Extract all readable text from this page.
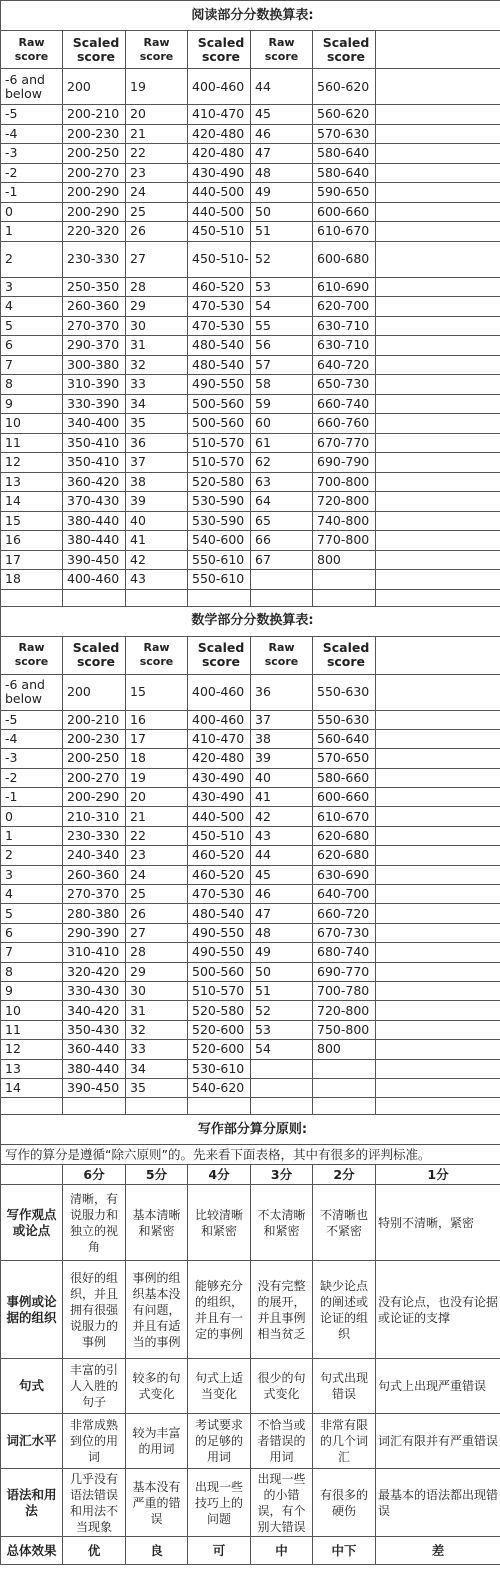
阅读部分分数换算表:						
Raw score	Scaled score	Raw score	Scaled score	Raw score	Scaled score	
-6 and below	200	19	400-460	44	560-620	
-5	200-210	20	410-470	45	560-620	
-4	200-230	21	420-480	46	570-630	
-3	200-250	22	420-480	47	580-640	
-2	200-270	23	430-490	48	580-640	
-1	200-290	24	440-500	49	590-650	
0	200-290	25	440-500	50	600-660	
1	220-320	26	450-510	51	610-670	
2	230-330	27	450-510-	52	600-680	
3	250-350	28	460-520	53	610-690	
4	260-360	29	470-530	54	620-700	
5	270-370	30	470-530	55	630-710	
6	290-370	31	480-540	56	630-710	
7	300-380	32	480-540	57	640-720	
8	310-390	33	490-550	58	650-730	
9	330-390	34	500-560	59	660-740	
10	340-400	35	500-560	60	660-760	
11	350-410	36	510-570	61	670-770	
12	350-410	37	510-570	62	690-790	
13	360-420	38	520-580	63	700-800	
14	370-430	39	530-590	64	720-800	
15	380-440	40	530-590	65	740-800	
16	380-440	41	540-600	66	770-800	
17	390-450	42	550-610	67	800	
18	400-460	43	550-610			

数学部分分数换算表:						
Raw score	Scaled score	Raw score	Scaled score	Raw score	Scaled score	
-6 and below	200	15	400-460	36	550-630	
-5	200-210	16	400-460	37	550-630	
-4	200-230	17	410-470	38	560-640	
-3	200-250	18	420-480	39	570-650	
-2	200-270	19	430-490	40	580-660	
-1	200-290	20	430-490	41	600-660	
0	210-310	21	440-500	42	610-670	
1	230-330	22	450-510	43	620-680	
2	240-340	23	460-520	44	620-680	
3	260-360	24	460-520	45	630-690	
4	270-370	25	470-530	46	640-700	
5	280-380	26	480-540	47	660-720	
6	290-390	27	490-550	48	670-730	
7	310-410	28	490-550	49	680-740	
8	320-420	29	500-560	50	690-770	
9	330-430	30	510-570	51	700-780	
10	340-420	31	520-580	52	720-800	
11	350-430	32	520-600	53	750-800	
12	360-440	33	520-600	54	800	
13	380-440	34	530-610			
14	390-450	35	540-620			

写作部分算分原则:						
写作的算分是遵循“除六原则”的。先来看下面表格，其中有很多的评判标准。						
	6分	5分	4分	3分	2分	1分
写作观点或论点	清晰，有说服力和独立的视角	基本清晰和紧密	比较清晰和紧密	不太清晰和紧密	不清晰也不紧密	特别不清晰，紧密
事例或论据的组织	很好的组织，并且拥有很强说服力的事例	事例的组织基本没有问题，并且有适当的事例	能够充分的组织，并且有一定的事例	没有完整的展开，并且事例相当贫乏	缺少论点的阐述或论证的组织	没有论点，也没有论据或论证的支撑
句式	丰富的引人入胜的句子	较多的句式变化	句式上适当变化	很少的句式变化	句式出现错误	句式上出现严重错误
词汇水平	非常成熟到位的用词	较为丰富的用词	考试要求的足够的用词	不恰当或者错误的用词	非常有限的几个词汇	词汇有限并有严重错误
语法和用法	几乎没有语法错误和用法不当现象	基本没有严重的错误	出现一些技巧上的问题	出现一些的小错误，有个别大错误	有很多的硬伤	最基本的语法都出现错误
总体效果	优	良	可	中	中下	差
